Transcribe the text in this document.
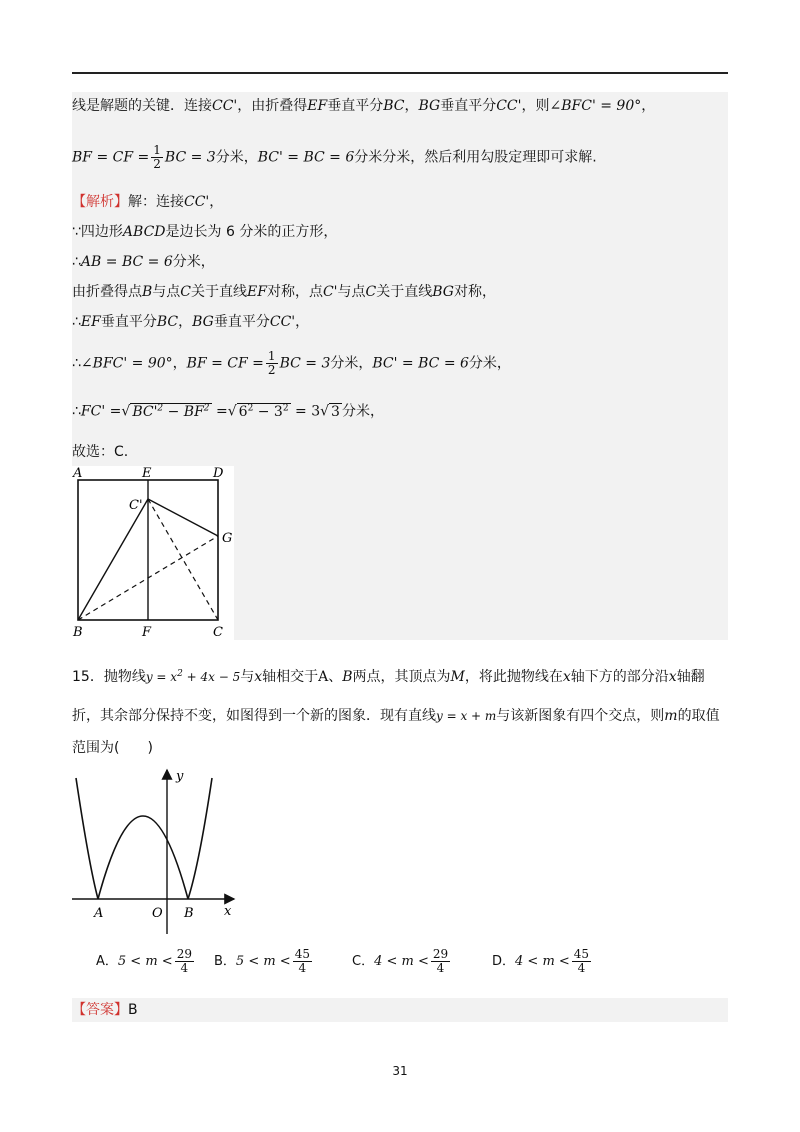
线是解题的关键．连接CC'，由折叠得EF垂直平分BC，BG垂直平分CC'，则∠BFC' = 90°，
BF = CF = $\frac{1}{2}$ BC = 3分米，BC' = BC = 6分米分米，然后利用勾股定理即可求解.
【解析】解：连接CC'，
∵四边形ABCD是边长为 6 分米的正方形，
∴AB = BC = 6分米，
由折叠得点B与点C关于直线EF对称，点C'与点C关于直线BG对称，
∴EF垂直平分BC，BG垂直平分CC'，
∴∠BFC' = 90°，BF = CF = $\frac{1}{2}$ BC = 3分米，BC' = BC = 6分米，
∴FC' =√ $BC'^2 - BF^2$ =√ $6^2 - 3^2 = 3√$ 3 分米，
故选：C.
A	E	D
C'
G
B	F	C
15．抛物线$y = x^2 + 4x - 5$与x轴相交于A、B两点，其顶点为M，将此抛物线在x轴下方的部分沿x轴翻
折，其余部分保持不变，如图得到一个新的图象．现有直线y = x + m与该新图象有四个交点，则m的取值
范围为(　　)
y
x
A	O B
A．$5 < m < \frac{29}{4}$ B．$5 < m < \frac{45}{4}$	C．$4 < m < \frac{29}{4}$	D．$4 < m < \frac{45}{4}$
【答案】B
31
